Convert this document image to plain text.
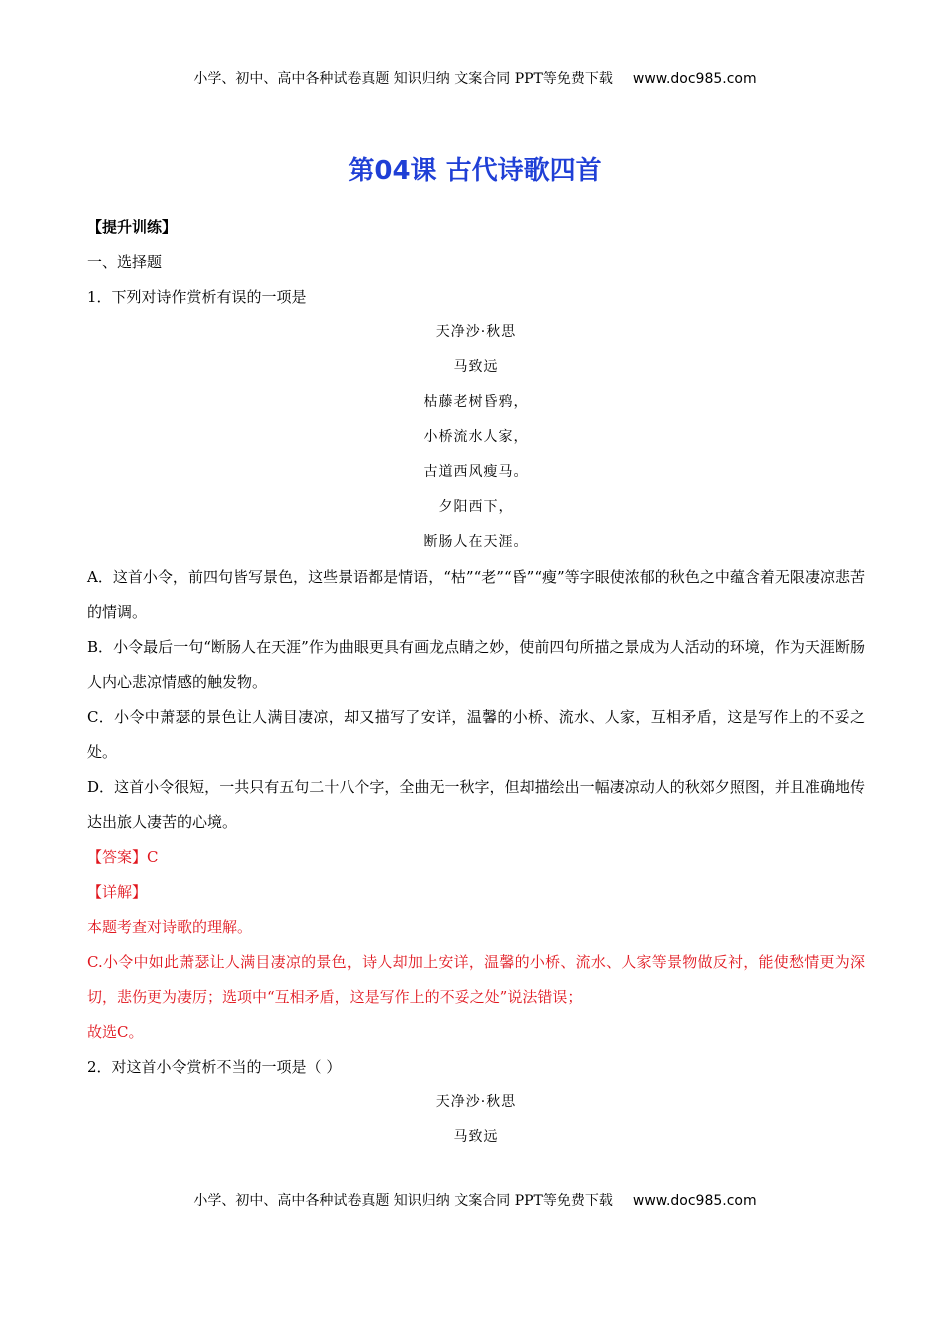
小学、初中、高中各种试卷真题 知识归纳 文案合同 PPT等免费下载 www.doc985.com
第04课 古代诗歌四首

【提升训练】

一、选择题

1．下列对诗作赏析有误的一项是

天净沙·秋思

马致远

枯藤老树昏鸦，

小桥流水人家，

古道西风瘦马。

夕阳西下，

断肠人在天涯。

A．这首小令，前四句皆写景色，这些景语都是情语，“枯”“老”“昏”“瘦”等字眼使浓郁的秋色之中蕴含着无限凄凉悲苦的情调。

B．小令最后一句“断肠人在天涯”作为曲眼更具有画龙点睛之妙，使前四句所描之景成为人活动的环境，作为天涯断肠人内心悲凉情感的触发物。

C．小令中萧瑟的景色让人满目凄凉，却又描写了安详，温馨的小桥、流水、人家，互相矛盾，这是写作上的不妥之处。

D．这首小令很短，一共只有五句二十八个字，全曲无一秋字，但却描绘出一幅凄凉动人的秋郊夕照图，并且准确地传达出旅人凄苦的心境。

【答案】C

【详解】

本题考查对诗歌的理解。

C.小令中如此萧瑟让人满目凄凉的景色，诗人却加上安详，温馨的小桥、流水、人家等景物做反衬，能使愁情更为深切，悲伤更为凄厉；选项中“互相矛盾，这是写作上的不妥之处”说法错误；

故选C。

2．对这首小令赏析不当的一项是（ ）

天净沙·秋思

马致远

小学、初中、高中各种试卷真题 知识归纳 文案合同 PPT等免费下载 www.doc985.com
